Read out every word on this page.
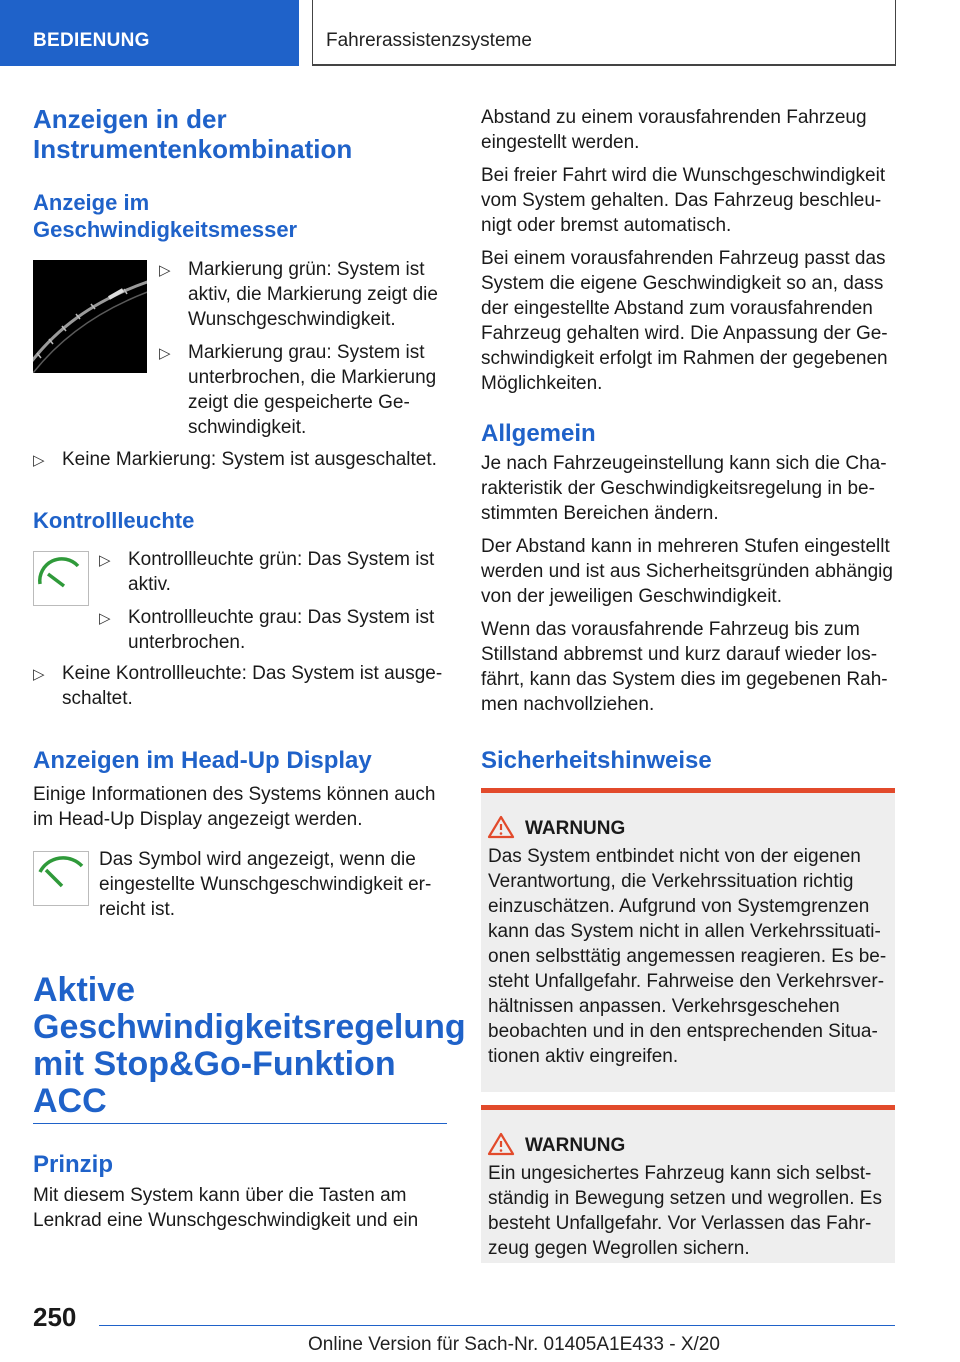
BEDIENUNG	Fahrerassistenzsysteme
Anzeigen in der Instrumentenkombination
Anzeige im Geschwindigkeitsmesser
▷ Markierung grün: System ist aktiv, die Markierung zeigt die Wunschgeschwindigkeit.
▷ Markierung grau: System ist unterbrochen, die Markierung zeigt die gespeicherte Ge-schwindigkeit.
▷ Keine Markierung: System ist ausgeschaltet.
Kontrollleuchte
▷ Kontrollleuchte grün: Das System ist aktiv.
▷ Kontrollleuchte grau: Das System ist unterbrochen.
▷ Keine Kontrollleuchte: Das System ist ausge-schaltet.
Anzeigen im Head-Up Display

Einige Informationen des Systems können auch im Head-Up Display angezeigt werden.

Das Symbol wird angezeigt, wenn die eingestellte Wunschgeschwindigkeit er-reicht ist.

Aktive Geschwindigkeitsregelung mit Stop&Go-Funktion ACC
Prinzip

Mit diesem System kann über die Tasten am Lenkrad eine Wunschgeschwindigkeit und ein

Abstand zu einem vorausfahrenden Fahrzeug eingestellt werden.

Bei freier Fahrt wird die Wunschgeschwindigkeit vom System gehalten. Das Fahrzeug beschleu-nigt oder bremst automatisch.

Bei einem vorausfahrenden Fahrzeug passt das System die eigene Geschwindigkeit so an, dass der eingestellte Abstand zum vorausfahrenden Fahrzeug gehalten wird. Die Anpassung der Ge-schwindigkeit erfolgt im Rahmen der gegebenen Möglichkeiten.

Allgemein

Je nach Fahrzeugeinstellung kann sich die Cha-rakteristik der Geschwindigkeitsregelung in be-stimmten Bereichen ändern.

Der Abstand kann in mehreren Stufen eingestellt werden und ist aus Sicherheitsgründen abhängig von der jeweiligen Geschwindigkeit.

Wenn das vorausfahrende Fahrzeug bis zum Stillstand abbremst und kurz darauf wieder los-fährt, kann das System dies im gegebenen Rah-men nachvollziehen.

Sicherheitshinweise
WARNUNG

Das System entbindet nicht von der eigenen Verantwortung, die Verkehrssituation richtig einzuschätzen. Aufgrund von Systemgrenzen kann das System nicht in allen Verkehrssituati-onen selbsttätig angemessen reagieren. Es be-steht Unfallgefahr. Fahrweise den Verkehrsver-hältnissen anpassen. Verkehrsgeschehen beobachten und in den entsprechenden Situa-tionen aktiv eingreifen.

WARNUNG

Ein ungesichertes Fahrzeug kann sich selbst-ständig in Bewegung setzen und wegrollen. Es besteht Unfallgefahr. Vor Verlassen das Fahr-zeug gegen Wegrollen sichern.

250
Online Version für Sach-Nr. 01405A1E433 - X/20
